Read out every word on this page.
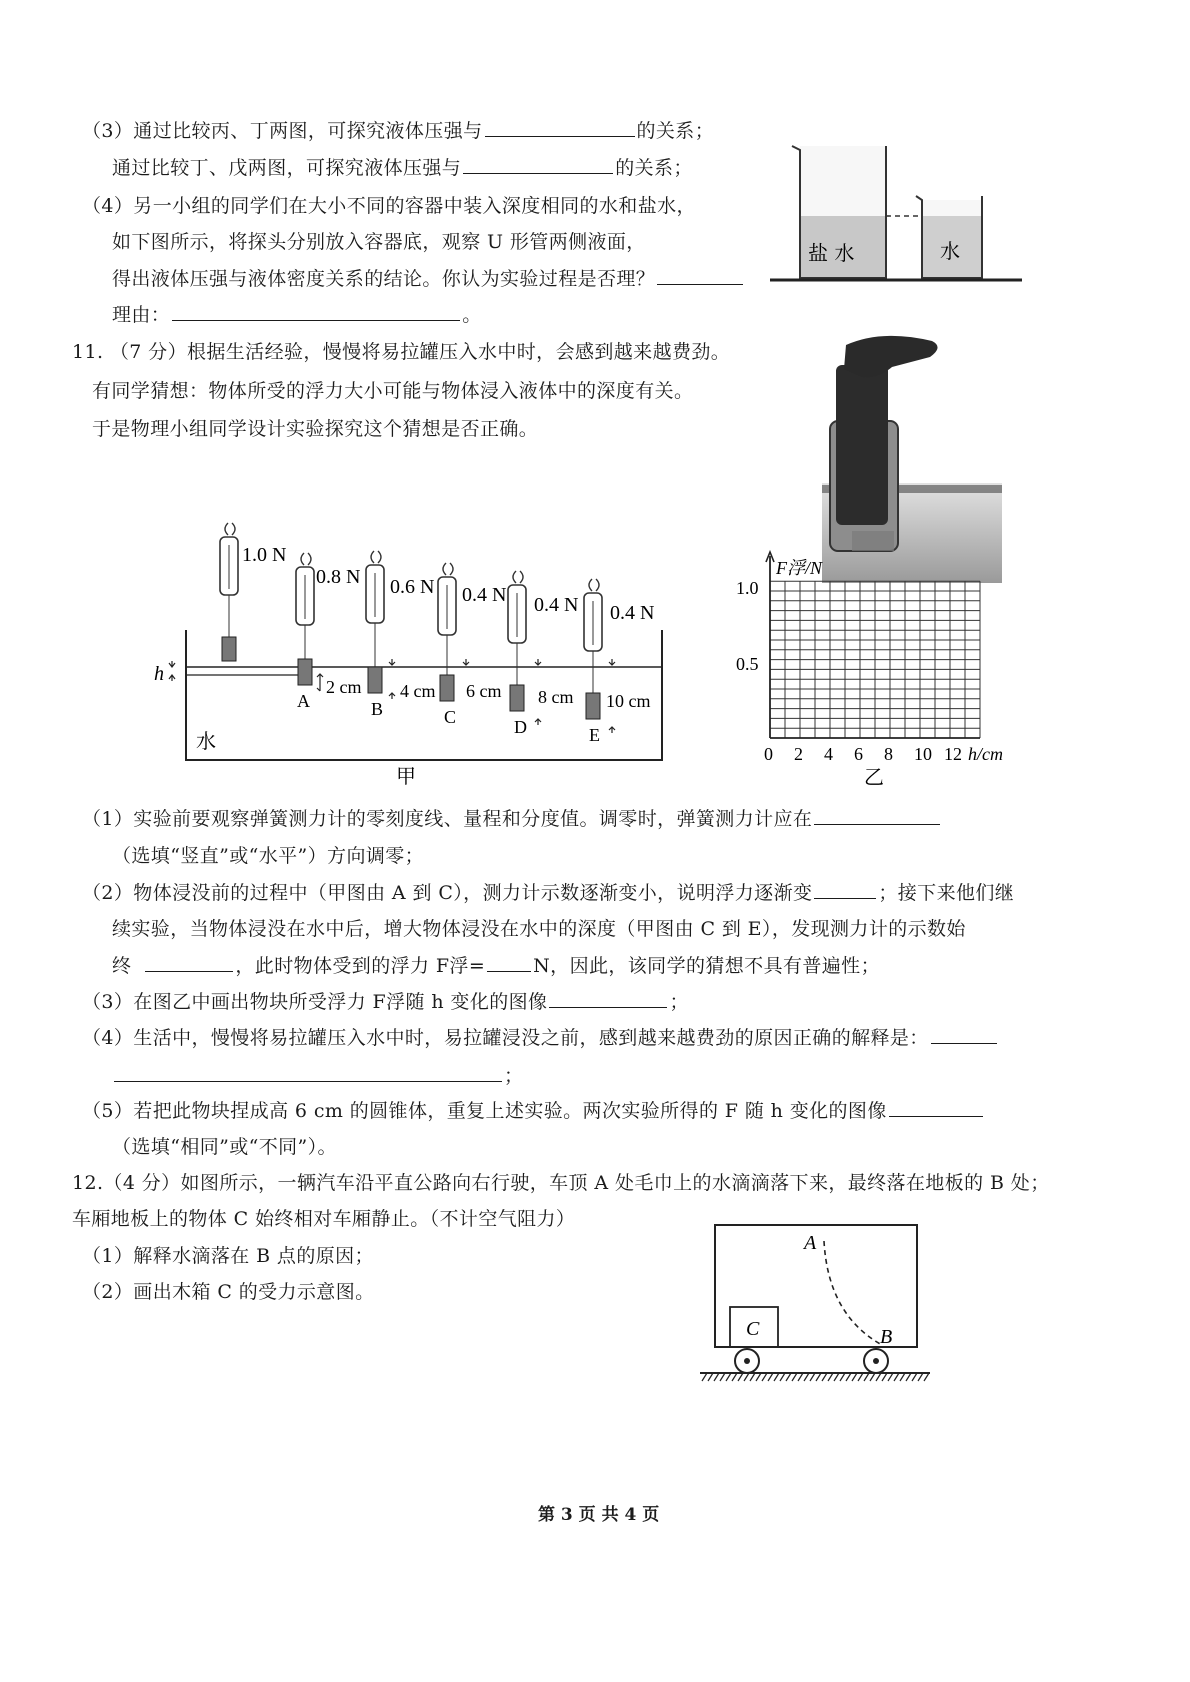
（3）通过比较丙、丁两图，可探究液体压强与	的关系；
通过比较丁、戊两图，可探究液体压强与	的关系；
（4）另一小组的同学们在大小不同的容器中装入深度相同的水和盐水，
如下图所示，将探头分别放入容器底，观察 U 形管两侧液面，
得出液体压强与液体密度关系的结论。你认为实验过程是否理？
理由：	。
盐 水	水
11. （7 分）根据生活经验，慢慢将易拉罐压入水中时，会感到越来越费劲。
有同学猜想：物体所受的浮力大小可能与物体浸入液体中的深度有关。
于是物理小组同学设计实验探究这个猜想是否正确。
h
水
甲
1.0 N
0.8 N 0.6 N 0.4 N 0.4 N 0.4 N
A	B	C	D	E
2 cm 4 cm 6 cm 8 cm 10 cm
F浮/N
1.0
0.5
0 2 4 6 8 10 12 h/cm
乙
（1）实验前要观察弹簧测力计的零刻度线、量程和分度值。调零时，弹簧测力计应在
（选填“竖直”或“水平”）方向调零；
（2）物体浸没前的过程中（甲图由 A 到 C），测力计示数逐渐变小，说明浮力逐渐变	；接下来他们继
续实验，当物体浸没在水中后，增大物体浸没在水中的深度（甲图由 C 到 E），发现测力计的示数始
终	，此时物体受到的浮力 F浮=	N，因此，该同学的猜想不具有普遍性；
（3）在图乙中画出物块所受浮力 F浮随 h 变化的图像	；
（4）生活中，慢慢将易拉罐压入水中时，易拉罐浸没之前，感到越来越费劲的原因正确的解释是：
；
（5）若把此物块捏成高 6 cm 的圆锥体，重复上述实验。两次实验所得的 F 随 h 变化的图像
（选填“相同”或“不同”）。
12.（4 分）如图所示，一辆汽车沿平直公路向右行驶，车顶 A 处毛巾上的水滴滴落下来，最终落在地板的 B 处；
车厢地板上的物体 C 始终相对车厢静止。（不计空气阻力）
（1）解释水滴落在 B 点的原因；
（2）画出木箱 C 的受力示意图。
C
A
B
第 3 页 共 4 页
